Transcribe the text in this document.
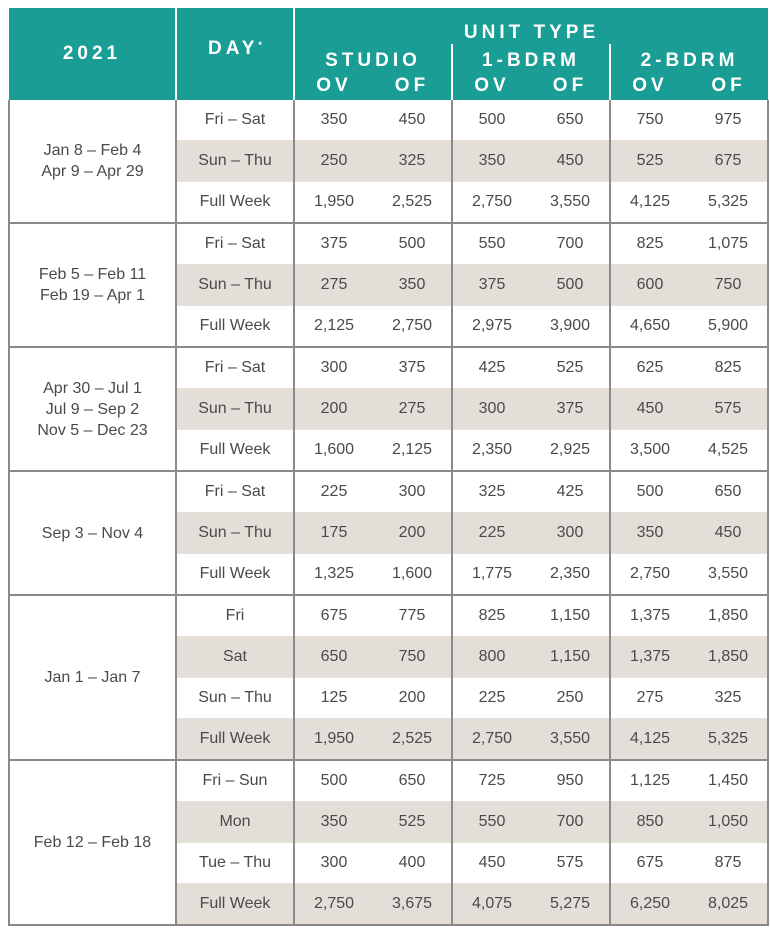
2021	DAY*	UNIT TYPE					
		STUDIO		1-BDRM		2-BDRM	
		OV	OF	OV	OF	OV	OF

Jan 8 – Feb 4
Apr 9 – Apr 29	Fri – Sat	350	450	500	650	750	975
	Sun – Thu	250	325	350	450	525	675
	Full Week	1,950	2,525	2,750	3,550	4,125	5,325

Feb 5 – Feb 11
Feb 19 – Apr 1	Fri – Sat	375	500	550	700	825	1,075
	Sun – Thu	275	350	375	500	600	750
	Full Week	2,125	2,750	2,975	3,900	4,650	5,900

Apr 30 – Jul 1
Jul 9 – Sep 2
Nov 5 – Dec 23	Fri – Sat	300	375	425	525	625	825
	Sun – Thu	200	275	300	375	450	575
	Full Week	1,600	2,125	2,350	2,925	3,500	4,525

Sep 3 – Nov 4	Fri – Sat	225	300	325	425	500	650
	Sun – Thu	175	200	225	300	350	450
	Full Week	1,325	1,600	1,775	2,350	2,750	3,550

Jan 1 – Jan 7	Fri	675	775	825	1,150	1,375	1,850
	Sat	650	750	800	1,150	1,375	1,850
	Sun – Thu	125	200	225	250	275	325
	Full Week	1,950	2,525	2,750	3,550	4,125	5,325

Feb 12 – Feb 18	Fri – Sun	500	650	725	950	1,125	1,450
	Mon	350	525	550	700	850	1,050
	Tue – Thu	300	400	450	575	675	875
	Full Week	2,750	3,675	4,075	5,275	6,250	8,025
